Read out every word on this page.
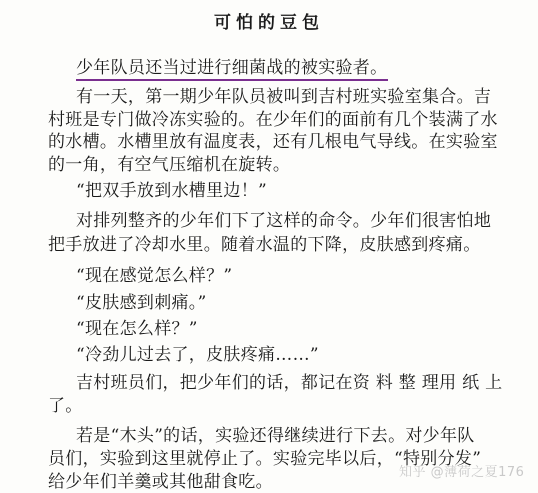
可怕的豆包
少年队员还当过进行细菌战的被实验者。
有一天，第一期少年队员被叫到吉村班实验室集合。吉
村班是专门做冷冻实验的。在少年们的面前有几个装满了水
的水槽。水槽里放有温度表，还有几根电气导线。在实验室
的一角，有空气压缩机在旋转。
“把双手放到水槽里边！”
对排列整齐的少年们下了这样的命令。少年们很害怕地
把手放进了冷却水里。随着水温的下降，皮肤感到疼痛。
“现在感觉怎么样？”
“皮肤感到刺痛。”
“现在怎么样？”
“冷劲儿过去了，皮肤疼痛……”
吉村班员们，把少年们的话，都记在资 料 整 理用 纸 上
了。
若是“木头”的话，实验还得继续进行下去。对少年队
员们，实验到这里就停止了。实验完毕以后，“特别分发”
给少年们羊羹或其他甜食吃。	知乎 @薄荷之夏176
